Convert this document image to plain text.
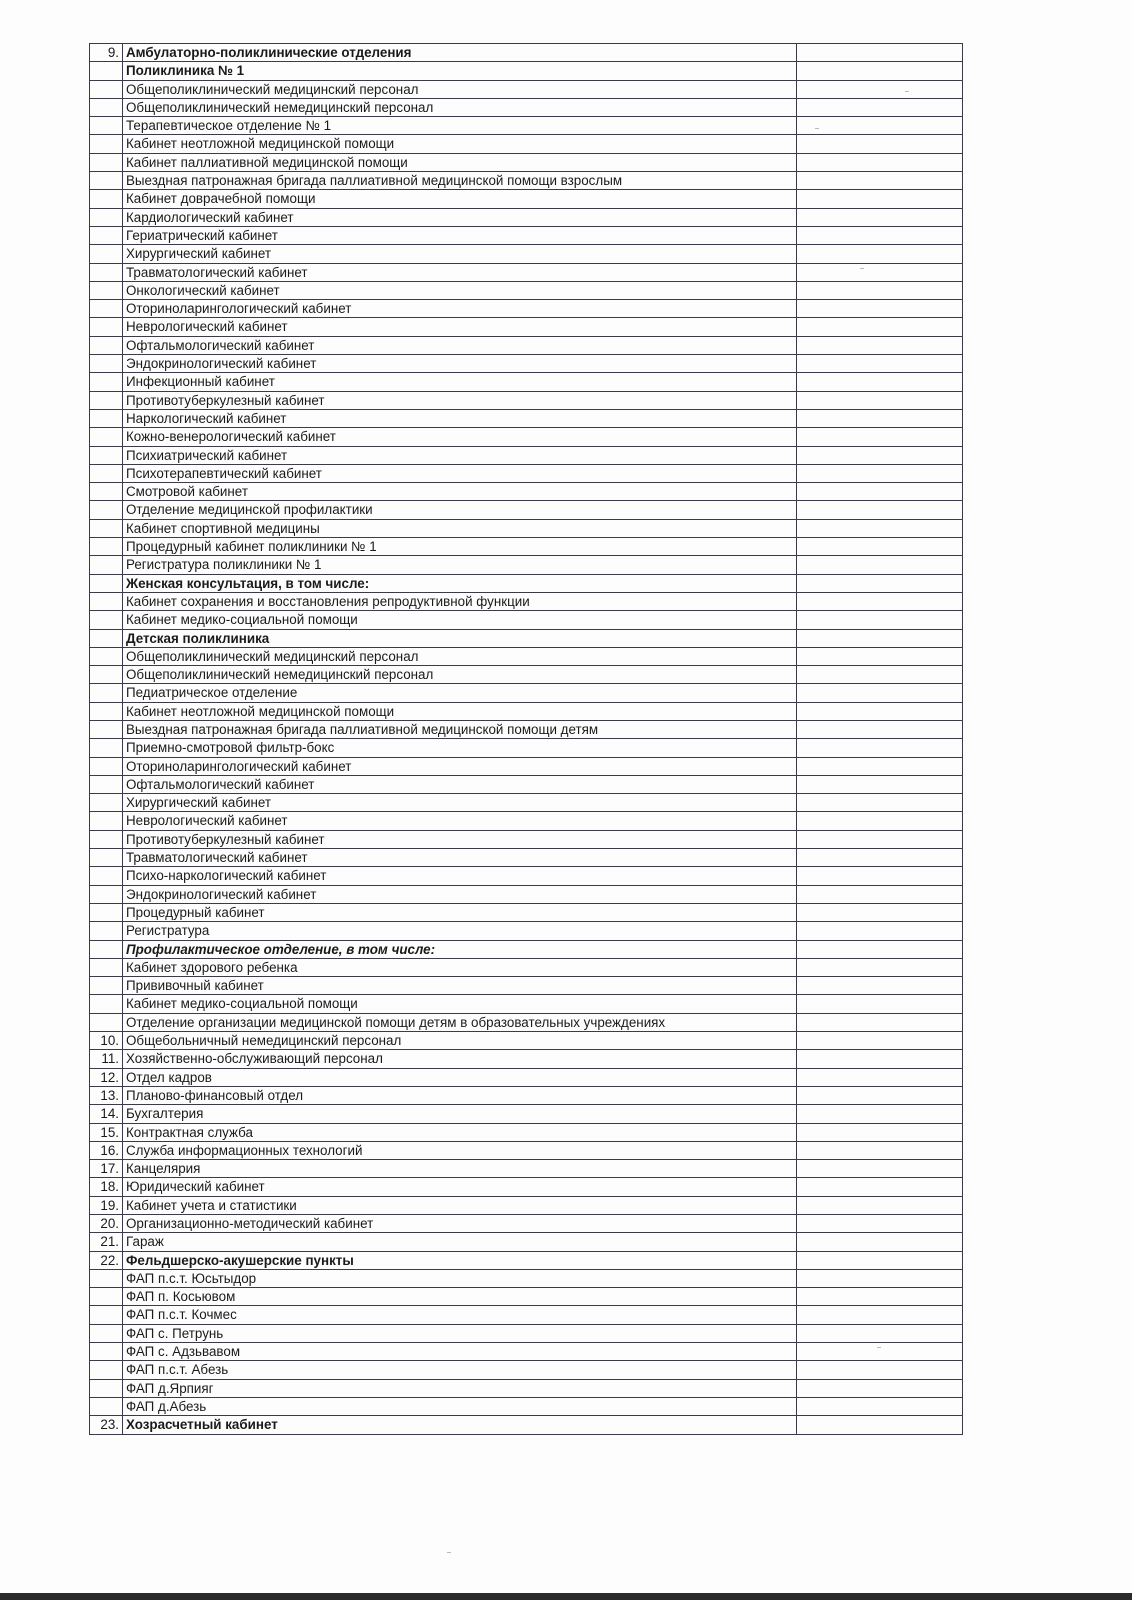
9.	Амбулаторно-поликлинические отделения	
	Поликлиника № 1	
	Общеполиклинический медицинский персонал	
	Общеполиклинический немедицинский персонал	
	Терапевтическое отделение № 1	
	Кабинет неотложной медицинской помощи	
	Кабинет паллиативной медицинской помощи	
	Выездная патронажная бригада паллиативной медицинской помощи взрослым	
	Кабинет доврачебной помощи	
	Кардиологический кабинет	
	Гериатрический кабинет	
	Хирургический кабинет	
	Травматологический кабинет	
	Онкологический кабинет	
	Оториноларингологический кабинет	
	Неврологический кабинет	
	Офтальмологический кабинет	
	Эндокринологический кабинет	
	Инфекционный кабинет	
	Противотуберкулезный кабинет	
	Наркологический кабинет	
	Кожно-венерологический кабинет	
	Психиатрический кабинет	
	Психотерапевтический кабинет	
	Смотровой кабинет	
	Отделение медицинской профилактики	
	Кабинет спортивной медицины	
	Процедурный кабинет поликлиники № 1	
	Регистратура поликлиники № 1	
	Женская консультация, в том числе:	
	Кабинет сохранения и восстановления репродуктивной функции	
	Кабинет медико-социальной помощи	
	Детская поликлиника	
	Общеполиклинический медицинский персонал	
	Общеполиклинический немедицинский персонал	
	Педиатрическое отделение	
	Кабинет неотложной медицинской помощи	
	Выездная патронажная бригада паллиативной медицинской помощи детям	
	Приемно-смотровой фильтр-бокс	
	Оториноларингологический кабинет	
	Офтальмологический кабинет	
	Хирургический кабинет	
	Неврологический кабинет	
	Противотуберкулезный кабинет	
	Травматологический кабинет	
	Психо-наркологический кабинет	
	Эндокринологический кабинет	
	Процедурный кабинет	
	Регистратура	
	Профилактическое отделение, в том числе:	
	Кабинет здорового ребенка	
	Прививочный кабинет	
	Кабинет медико-социальной помощи	
	Отделение организации медицинской помощи детям в образовательных учреждениях	
10.	Общебольничный немедицинский персонал	
11.	Хозяйственно-обслуживающий персонал	
12.	Отдел кадров	
13.	Планово-финансовый отдел	
14.	Бухгалтерия	
15.	Контрактная служба	
16.	Служба информационных технологий	
17.	Канцелярия	
18.	Юридический кабинет	
19.	Кабинет учета и статистики	
20.	Организационно-методический кабинет	
21.	Гараж	
22.	Фельдшерско-акушерские пункты	
	ФАП п.с.т. Юсьтыдор	
	ФАП п. Косьювом	
	ФАП п.с.т. Кочмес	
	ФАП с. Петрунь	
	ФАП с. Адзьвавом	
	ФАП п.с.т. Абезь	
	ФАП д.Ярпияг	
	ФАП д.Абезь	
23.	Хозрасчетный кабинет	
